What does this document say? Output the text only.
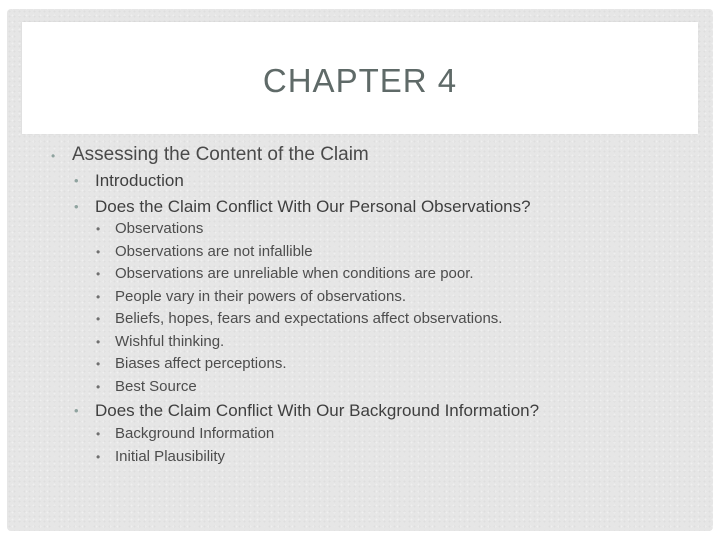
CHAPTER 4
• Assessing the Content of the Claim
• Introduction
• Does the Claim Conflict With Our Personal Observations?
• Observations
• Observations are not infallible
• Observations are unreliable when conditions are poor.
• People vary in their powers of observations.
• Beliefs, hopes, fears and expectations affect observations.
• Wishful thinking.
• Biases affect perceptions.
• Best Source
• Does the Claim Conflict With Our Background Information?
• Background Information
• Initial Plausibility
